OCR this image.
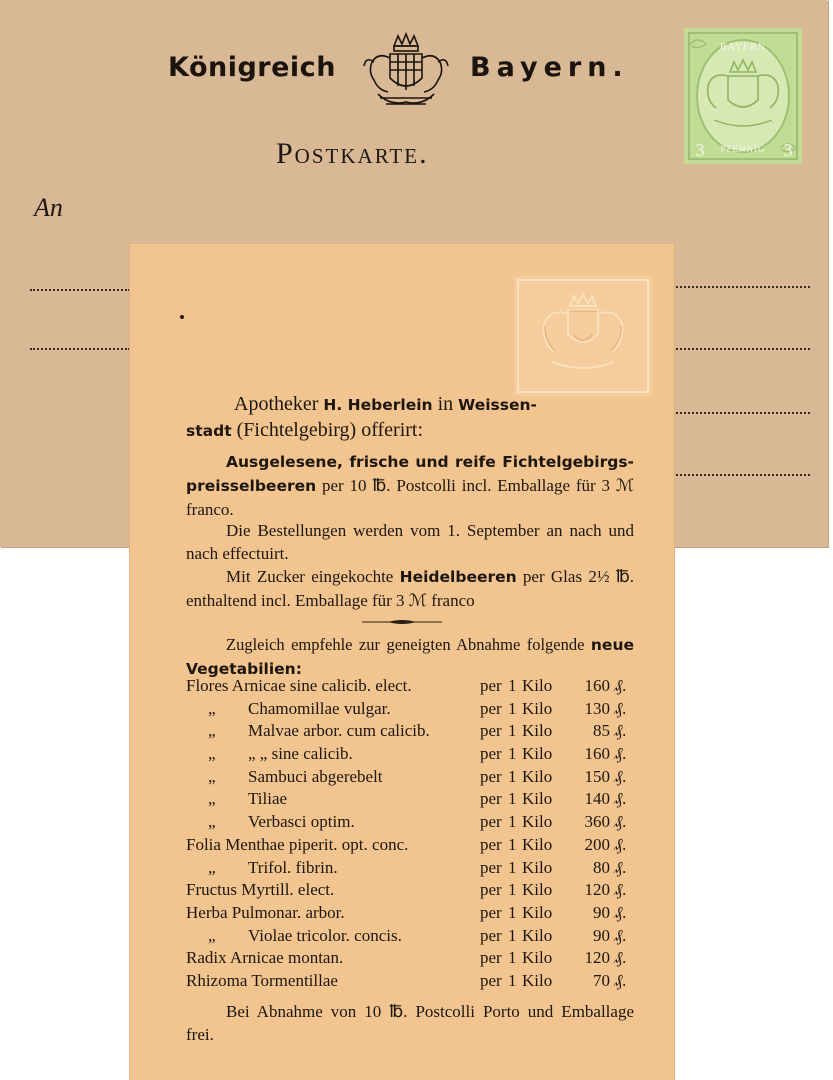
Königreich	Bayern.
Postkarte.
An
BAYERN
PFENNIG
3	3
Apotheker H. Heberlein in Weissen-
stadt (Fichtelgebirg) offerirt:
Ausgelesene, frische und reife Fichtelgebirgs-preisselbeeren per 10 ℔. Postcolli incl. Emballage für 3 ℳ franco.
Die Bestellungen werden vom 1. September an nach und nach effectuirt.
Mit Zucker eingekochte Heidelbeeren per Glas 2½ ℔. enthaltend incl. Emballage für 3 ℳ franco
Zugleich empfehle zur geneigten Abnahme folgende neue Vegetabilien:
Flores Arnicae sine calicib. elect.	per 1 Kilo	160 ₰.
„ Chamomillae vulgar.	per 1 Kilo	130 ₰.
„ Malvae arbor. cum calicib.	per 1 Kilo	85 ₰.
„ „ „ sine calicib.	per 1 Kilo	160 ₰.
„ Sambuci abgerebelt	per 1 Kilo	150 ₰.
„ Tiliae	per 1 Kilo	140 ₰.
„ Verbasci optim.	per 1 Kilo	360 ₰.
Folia Menthae piperit. opt. conc.	per 1 Kilo	200 ₰.
„ Trifol. fibrin.	per 1 Kilo	80 ₰.
Fructus Myrtill. elect.	per 1 Kilo	120 ₰.
Herba Pulmonar. arbor.	per 1 Kilo	90 ₰.
„ Violae tricolor. concis.	per 1 Kilo	90 ₰.
Radix Arnicae montan.	per 1 Kilo	120 ₰.
Rhizoma Tormentillae	per 1 Kilo	70 ₰.
Bei Abnahme von 10 ℔. Postcolli Porto und Emballage frei.
